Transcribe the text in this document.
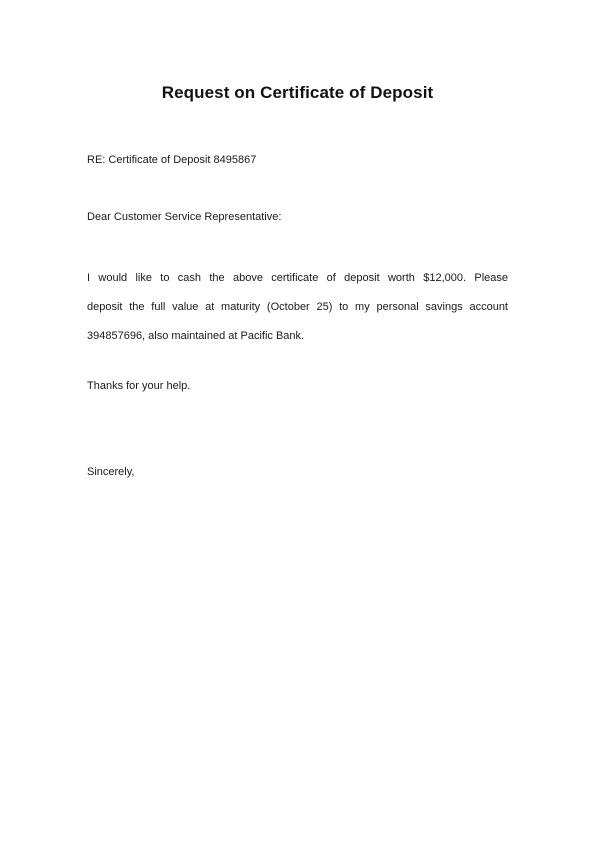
Request on Certificate of Deposit

RE: Certificate of Deposit 8495867

Dear Customer Service Representative:

I would like to cash the above certificate of deposit worth $12,000. Please
deposit the full value at maturity (October 25) to my personal savings account
394857696, also maintained at Pacific Bank.

Thanks for your help.

Sincerely,
